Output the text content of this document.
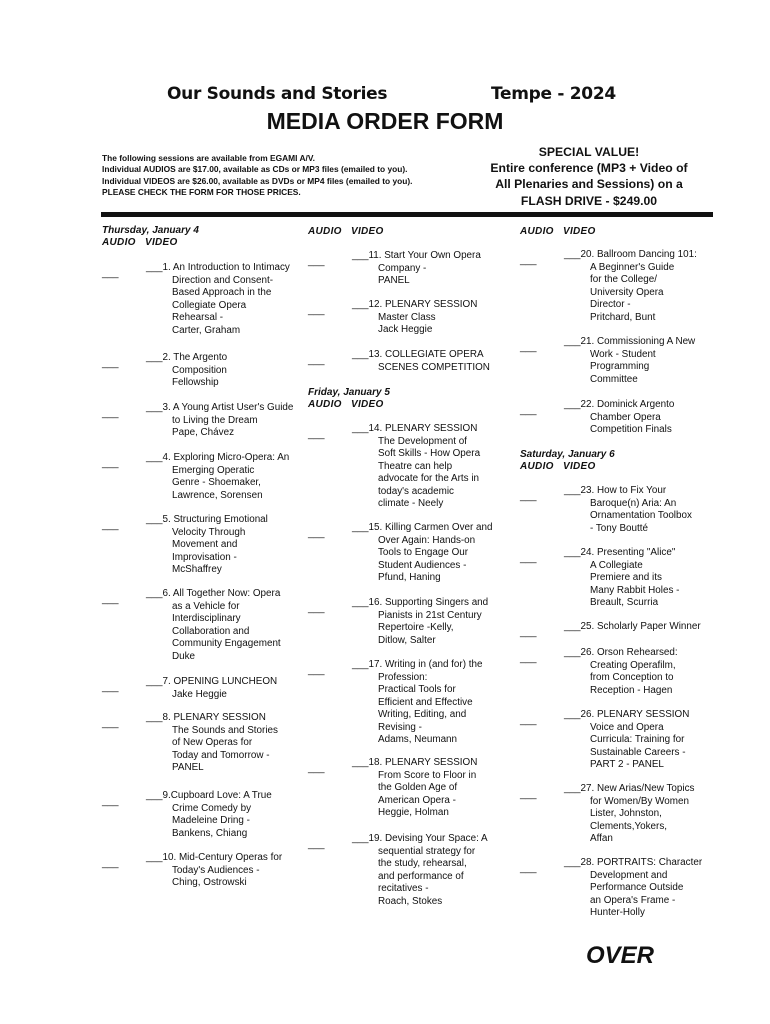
Our Sounds and Stories	Tempe - 2024
MEDIA ORDER FORM
The following sessions are available from EGAMI A/V.
Individual AUDIOS are $17.00, available as CDs or MP3 files (emailed to you).
Individual VIDEOS are $26.00, available as DVDs or MP4 files (emailed to you).
PLEASE CHECK THE FORM FOR THOSE PRICES.
SPECIAL VALUE!
Entire conference (MP3 + Video of
All Plenaries and Sessions) on a
FLASH DRIVE - $249.00
Thursday, January 4
AUDIO VIDEO
___
___1. An Introduction to Intimacy
Direction and Consent-
Based Approach in the
Collegiate Opera
Rehearsal -
Carter, Graham
___
___2. The Argento
Composition
Fellowship
___
___3. A Young Artist User's Guide
to Living the Dream
Pape, Chávez
___
___4. Exploring Micro-Opera: An
Emerging Operatic
Genre - Shoemaker,
Lawrence, Sorensen
___
___5. Structuring Emotional
Velocity Through
Movement and
Improvisation -
McShaffrey
___
___6. All Together Now: Opera
as a Vehicle for
Interdisciplinary
Collaboration and
Community Engagement
Duke
___
___7. OPENING LUNCHEON
Jake Heggie
___
___8. PLENARY SESSION
The Sounds and Stories
of New Operas for
Today and Tomorrow -
PANEL
___
___9.Cupboard Love: A True
Crime Comedy by
Madeleine Dring -
Bankens, Chiang
___
___10. Mid-Century Operas for
Today's Audiences -
Ching, Ostrowski
AUDIO VIDEO
___
___11. Start Your Own Opera
Company -
PANEL
___
___12. PLENARY SESSION
Master Class
Jack Heggie
___
___13. COLLEGIATE OPERA
SCENES COMPETITION
Friday, January 5
AUDIO VIDEO
___
___14. PLENARY SESSION
The Development of
Soft Skills - How Opera
Theatre can help
advocate for the Arts in
today's academic
climate - Neely
___
___15. Killing Carmen Over and
Over Again: Hands-on
Tools to Engage Our
Student Audiences -
Pfund, Haning
___
___16. Supporting Singers and
Pianists in 21st Century
Repertoire -Kelly,
Ditlow, Salter
___
___17. Writing in (and for) the
Profession:
Practical Tools for
Efficient and Effective
Writing, Editing, and
Revising -
Adams, Neumann
___
___18. PLENARY SESSION
From Score to Floor in
the Golden Age of
American Opera -
Heggie, Holman
___
___19. Devising Your Space: A
sequential strategy for
the study, rehearsal,
and performance of
recitatives -
Roach, Stokes
AUDIO VIDEO
___
___20. Ballroom Dancing 101:
A Beginner's Guide
for the College/
University Opera
Director -
Pritchard, Bunt
___
___21. Commissioning A New
Work - Student
Programming
Committee
___
___22. Dominick Argento
Chamber Opera
Competition Finals
Saturday, January 6
AUDIO VIDEO
___
___23. How to Fix Your
Baroque(n) Aria: An
Ornamentation Toolbox
- Tony Boutté
___
___24. Presenting "Alice"
A Collegiate
Premiere and its
Many Rabbit Holes -
Breault, Scurria
___
___25. Scholarly Paper Winner
___
___26. Orson Rehearsed:
Creating Operafilm,
from Conception to
Reception - Hagen
___
___26. PLENARY SESSION
Voice and Opera
Curricula: Training for
Sustainable Careers -
PART 2 - PANEL
___
___27. New Arias/New Topics
for Women/By Women
Lister, Johnston,
Clements,Yokers,
Affan
___
___28. PORTRAITS: Character
Development and
Performance Outside
an Opera's Frame -
Hunter-Holly
OVER
